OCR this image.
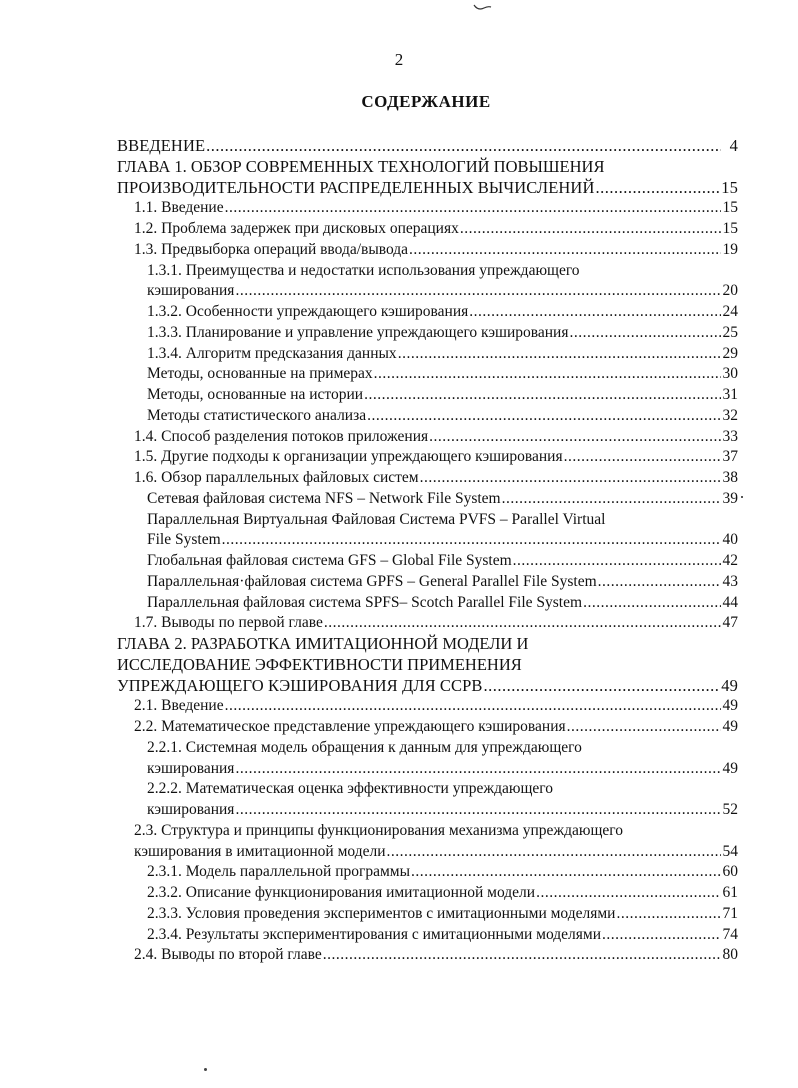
2
СОДЕРЖАНИЕ
ВВЕДЕНИЕ .....	4
ГЛАВА 1. ОБЗОР СОВРЕМЕННЫХ ТЕХНОЛОГИЙ ПОВЫШЕНИЯ
ПРОИЗВОДИТЕЛЬНОСТИ РАСПРЕДЕЛЕННЫХ ВЫЧИСЛЕНИЙ .....	15
1.1. Введение .....	15
1.2. Проблема задержек при дисковых операциях .....	15
1.3. Предвыборка операций ввода/вывода .....	19
1.3.1. Преимущества и недостатки использования упреждающего
кэширования .....	20
1.3.2. Особенности упреждающего кэширования .....	24
1.3.3. Планирование и управление упреждающего кэширования .....	25
1.3.4. Алгоритм предсказания данных .....	29
Методы, основанные на примерах .....	30
Методы, основанные на истории .....	31
Методы статистического анализа .....	32
1.4. Способ разделения потоков приложения .....	33
1.5. Другие подходы к организации упреждающего кэширования .....	37
1.6. Обзор параллельных файловых систем .....	38
Сетевая файловая система NFS – Network File System .....	39
Параллельная Виртуальная Файловая Система PVFS – Parallel Virtual
File System .....	40
Глобальная файловая система GFS – Global File System .....	42
Параллельная·файловая система GPFS – General Parallel File System .....	43
Параллельная файловая система SPFS– Scotch Parallel File System .....	44
1.7. Выводы по первой главе .....	47
ГЛАВА 2. РАЗРАБОТКА ИМИТАЦИОННОЙ МОДЕЛИ И
ИССЛЕДОВАНИЕ ЭФФЕКТИВНОСТИ ПРИМЕНЕНИЯ
УПРЕЖДАЮЩЕГО КЭШИРОВАНИЯ ДЛЯ ССРВ .....	49
2.1. Введение .....	49
2.2. Математическое представление упреждающего кэширования .....	49
2.2.1. Системная модель обращения к данным для упреждающего
кэширования .....	49
2.2.2. Математическая оценка эффективности упреждающего
кэширования .....	52
2.3. Структура и принципы функционирования механизма упреждающего
кэширования в имитационной модели .....	54
2.3.1. Модель параллельной программы .....	60
2.3.2. Описание функционирования имитационной модели .....	61
2.3.3. Условия проведения экспериментов с имитационными моделями .....	71
2.3.4. Результаты экспериментирования с имитационными моделями .....	74
2.4. Выводы по второй главе .....	80
